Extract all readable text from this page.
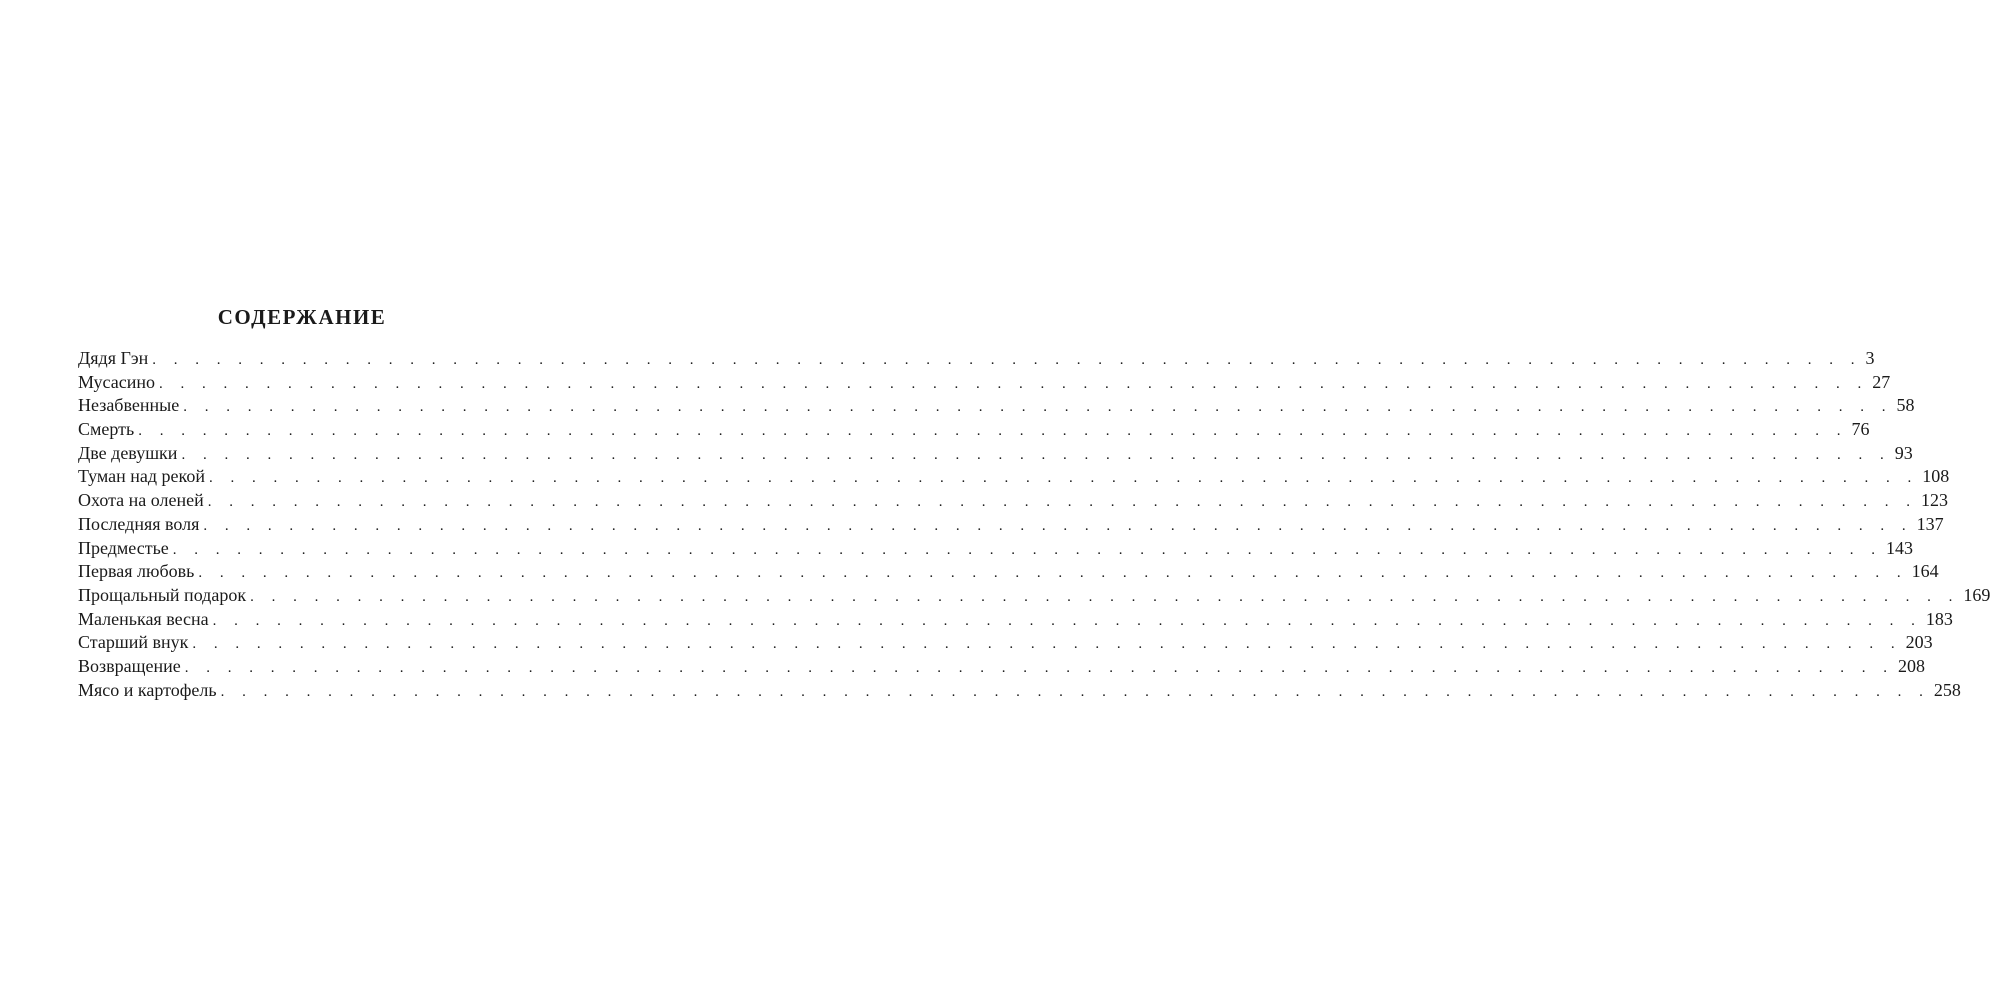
СОДЕРЖАНИЕ
Дядя Гэн . . . . . . . . . . . . . . . . . . . . . . . . . . . . . . . . . . . . . . . . . . . . . . . . . . . . . . . . . . . . . . . . . . . . . . . . . . . . . . . . 3
Мусасино . . . . . . . . . . . . . . . . . . . . . . . . . . . . . . . . . . . . . . . . . . . . . . . . . . . . . . . . . . . . . . . . . . . . . . . . . . . . . . . . 27
Незабвенные . . . . . . . . . . . . . . . . . . . . . . . . . . . . . . . . . . . . . . . . . . . . . . . . . . . . . . . . . . . . . . . . . . . . . . . . . . . . . . . . 58
Смерть . . . . . . . . . . . . . . . . . . . . . . . . . . . . . . . . . . . . . . . . . . . . . . . . . . . . . . . . . . . . . . . . . . . . . . . . . . . . . . . . 76
Две девушки . . . . . . . . . . . . . . . . . . . . . . . . . . . . . . . . . . . . . . . . . . . . . . . . . . . . . . . . . . . . . . . . . . . . . . . . . . . . . . . . 93
Туман над рекой . . . . . . . . . . . . . . . . . . . . . . . . . . . . . . . . . . . . . . . . . . . . . . . . . . . . . . . . . . . . . . . . . . . . . . . . . . . . . . . . 108
Охота на оленей . . . . . . . . . . . . . . . . . . . . . . . . . . . . . . . . . . . . . . . . . . . . . . . . . . . . . . . . . . . . . . . . . . . . . . . . . . . . . . . . 123
Последняя воля . . . . . . . . . . . . . . . . . . . . . . . . . . . . . . . . . . . . . . . . . . . . . . . . . . . . . . . . . . . . . . . . . . . . . . . . . . . . . . . . 137
Предместье . . . . . . . . . . . . . . . . . . . . . . . . . . . . . . . . . . . . . . . . . . . . . . . . . . . . . . . . . . . . . . . . . . . . . . . . . . . . . . . . 143
Первая любовь . . . . . . . . . . . . . . . . . . . . . . . . . . . . . . . . . . . . . . . . . . . . . . . . . . . . . . . . . . . . . . . . . . . . . . . . . . . . . . . . 164
Прощальный подарок . . . . . . . . . . . . . . . . . . . . . . . . . . . . . . . . . . . . . . . . . . . . . . . . . . . . . . . . . . . . . . . . . . . . . . . . . . . . . . . . 169
Маленькая весна . . . . . . . . . . . . . . . . . . . . . . . . . . . . . . . . . . . . . . . . . . . . . . . . . . . . . . . . . . . . . . . . . . . . . . . . . . . . . . . . 183
Старший внук . . . . . . . . . . . . . . . . . . . . . . . . . . . . . . . . . . . . . . . . . . . . . . . . . . . . . . . . . . . . . . . . . . . . . . . . . . . . . . . . 203
Возвращение . . . . . . . . . . . . . . . . . . . . . . . . . . . . . . . . . . . . . . . . . . . . . . . . . . . . . . . . . . . . . . . . . . . . . . . . . . . . . . . . 208
Мясо и картофель . . . . . . . . . . . . . . . . . . . . . . . . . . . . . . . . . . . . . . . . . . . . . . . . . . . . . . . . . . . . . . . . . . . . . . . . . . . . . . . . 258
